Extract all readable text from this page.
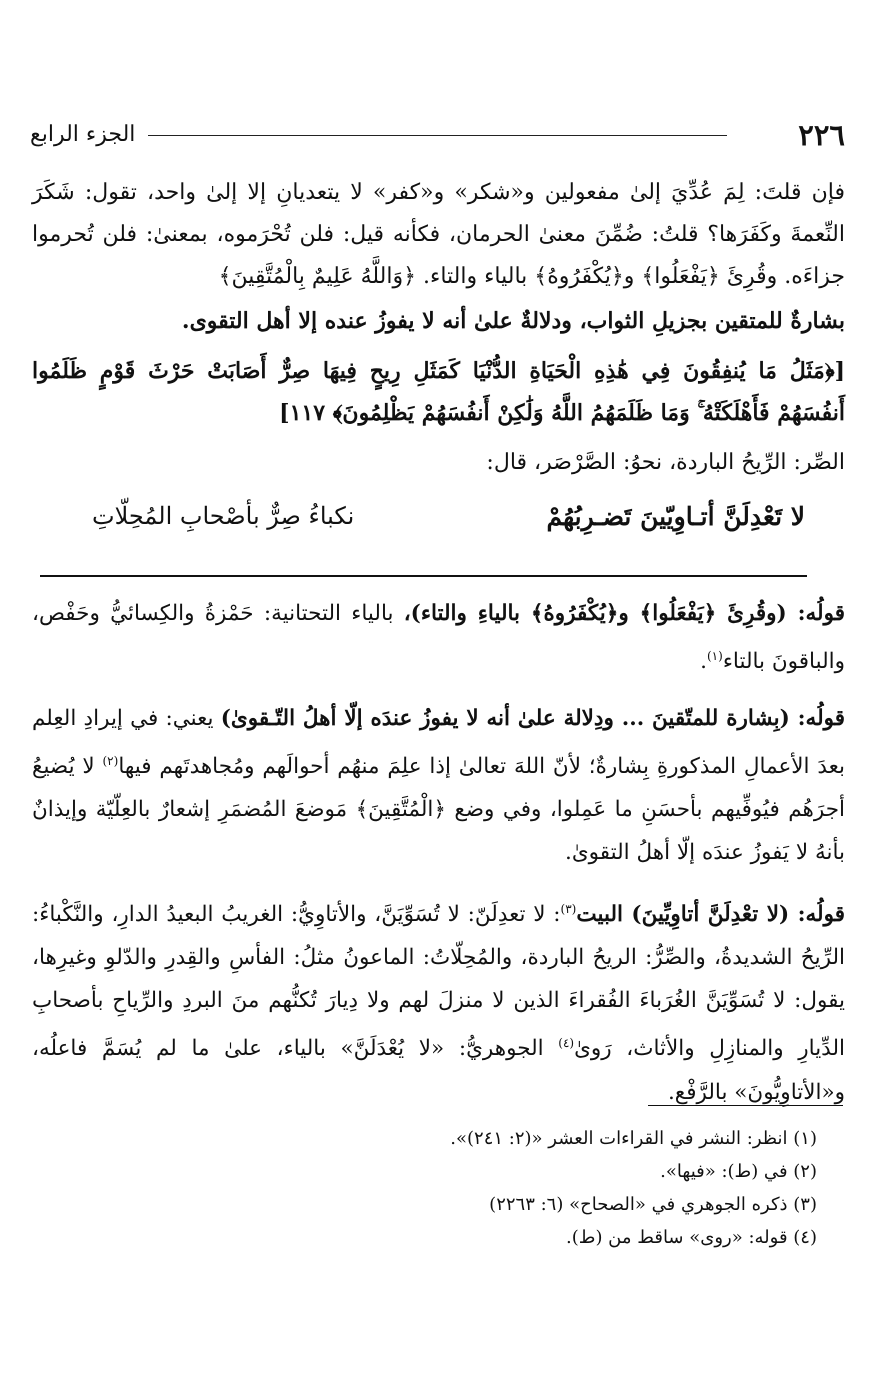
٢٢٦
الجزء الرابع

فإن قلتَ: لِمَ عُدِّيَ إلىٰ مفعولين و«شكر» و«كفر» لا يتعديانِ إلا إلىٰ واحد، تقول: شَكَرَ النِّعمةَ وكَفَرَها؟ قلتُ: ضُمِّنَ معنىٰ الحرمان، فكأنه قيل: فلن تُحْرَموه، بمعنىٰ: فلن تُحرموا جزاءَه. وقُرِئَ ﴿يَفْعَلُوا﴾ و﴿يُكْفَرُوهُ﴾ بالياء والتاء. ﴿وَاللَّهُ عَلِيمٌ بِالْمُتَّقِينَ﴾

بشارةٌ للمتقين بجزيلِ الثواب، ودلالةٌ علىٰ أنه لا يفوزُ عنده إلا أهل التقوى.

[﴿مَثَلُ مَا يُنفِقُونَ فِي هَٰذِهِ الْحَيَاةِ الدُّنْيَا كَمَثَلِ رِيحٍ فِيهَا صِرٌّ أَصَابَتْ حَرْثَ قَوْمٍ ظَلَمُوا أَنفُسَهُمْ فَأَهْلَكَتْهُ ۚ وَمَا ظَلَمَهُمُ اللَّهُ وَلَٰكِنْ أَنفُسَهُمْ يَظْلِمُونَ﴾ ١١٧]

الصِّر: الرِّيحُ الباردة، نحوُ: الصَّرْصَر، قال:

لا تَعْدِلَنَّ أتـاوِيّينَ تَضـرِبُهُمْ
نكباءُ صِرٌّ بأصْحابِ المُحِلّاتِ

قولُه: (وقُرِئَ ﴿يَفْعَلُوا﴾ و﴿يُكْفَرُوهُ﴾ بالياءِ والتاء)، بالياء التحتانية: حَمْزةُ والكِسائيُّ وحَفْص، والباقونَ بالتاء$^{(١)}$.

قولُه: (بِشارة للمتّقينَ ... ودِلالة علىٰ أنه لا يفوزُ عندَه إلّا أهلُ التّـقوىٰ) يعني: في إيرادِ العِلم بعدَ الأعمالِ المذكورةِ بِشارةٌ؛ لأنّ اللهَ تعالىٰ إذا علِمَ منهُم أحوالَهم ومُجاهدتَهم فيها$^{(٢)}$ لا يُضيعُ أجرَهُم فيُوفِّيهم بأحسَنِ ما عَمِلوا، وفي وضع ﴿الْمُتَّقِينَ﴾ مَوضعَ المُضمَرِ إشعارٌ بالعِلّيّة وإيذانٌ بأنهُ لا يَفوزُ عندَه إلّا أهلُ التقوىٰ.

قولُه: (لا تعْدِلَنَّ أتاوِيِّينَ) البيت$^{(٣)}$: لا تعدِلَنّ: لا تُسَوِّيَنَّ، والأتاوِيُّ: الغريبُ البعيدُ الدارِ، والنَّكْباءُ: الرِّيحُ الشديدةُ، والصِّرُّ: الريحُ الباردة، والمُحِلّاتُ: الماعونُ مثلُ: الفأسِ والقِدرِ والدّلوِ وغيرِها، يقول: لا تُسَوِّيَنَّ الغُرَباءَ الفُقراءَ الذين لا منزلَ لهم ولا دِيارَ تُكنُّهم منَ البردِ والرِّياحِ بأصحابِ الدِّيارِ والمنازِلِ والأثاث، رَوىٰ$^{(٤)}$ الجوهريُّ: «لا يُعْدَلَنَّ» بالياء، علىٰ ما لم يُسَمَّ فاعلُه، و«الأتاوِيُّونَ» بالرَّفْع.

(١) انظر: النشر في القراءات العشر «(٢: ٢٤١)».
(٢) في (ط): «فيها».
(٣) ذكره الجوهري في «الصحاح» (٦: ٢٢٦٣)
(٤) قوله: «روى» ساقط من (ط).
